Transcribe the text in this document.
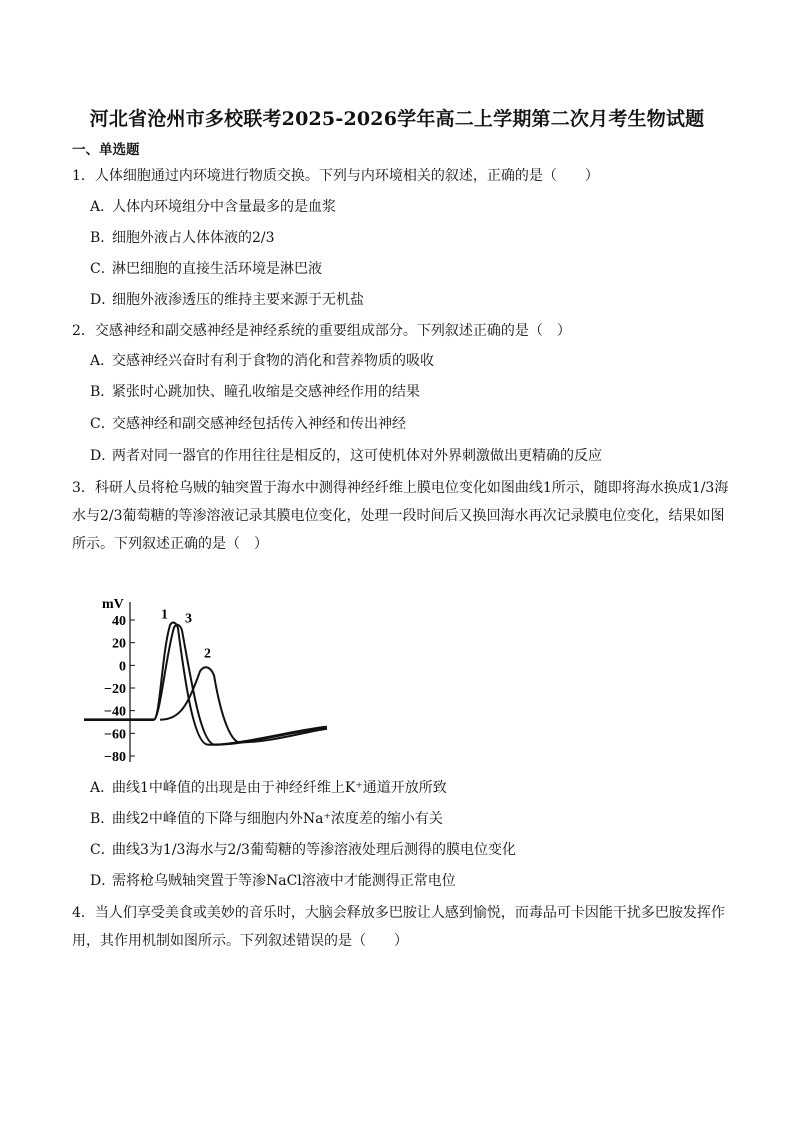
河北省沧州市多校联考2025-2026学年高二上学期第二次月考生物试题
一、单选题
1．人体细胞通过内环境进行物质交换。下列与内环境相关的叙述，正确的是（　　）
A．人体内环境组分中含量最多的是血浆
B．细胞外液占人体体液的2/3
C．淋巴细胞的直接生活环境是淋巴液
D．细胞外液渗透压的维持主要来源于无机盐
2．交感神经和副交感神经是神经系统的重要组成部分。下列叙述正确的是（　）
A．交感神经兴奋时有利于食物的消化和营养物质的吸收
B．紧张时心跳加快、瞳孔收缩是交感神经作用的结果
C．交感神经和副交感神经包括传入神经和传出神经
D．两者对同一器官的作用往往是相反的，这可使机体对外界刺激做出更精确的反应
3．科研人员将枪乌贼的轴突置于海水中测得神经纤维上膜电位变化如图曲线1所示，随即将海水换成1/3海水与2/3葡萄糖的等渗溶液记录其膜电位变化，处理一段时间后又换回海水再次记录膜电位变化，结果如图所示。下列叙述正确的是（　）
mV
40
20
0
−20
−40
−60
−80
1 3
2
A．曲线1中峰值的出现是由于神经纤维上K⁺通道开放所致
B．曲线2中峰值的下降与细胞内外Na⁺浓度差的缩小有关
C．曲线3为1/3海水与2/3葡萄糖的等渗溶液处理后测得的膜电位变化
D．需将枪乌贼轴突置于等渗NaCl溶液中才能测得正常电位
4．当人们享受美食或美妙的音乐时，大脑会释放多巴胺让人感到愉悦，而毒品可卡因能干扰多巴胺发挥作用，其作用机制如图所示。下列叙述错误的是（　　）
